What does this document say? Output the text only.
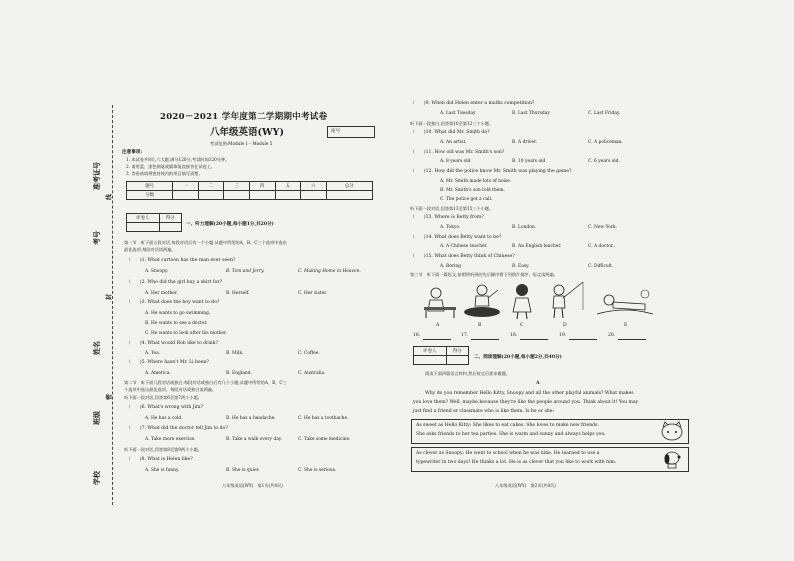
准考证号
考号
姓名
班级
学校
线
封
密
2020－2021 学年度第二学期期中考试卷
八年级英语(WY)	座号
考试范围:Module 1－Module 5
注意事项:
1. 本试卷共8页,六大题,满分120分,考试时间120分钟。
2. 请用蓝、黑色钢笔或圆珠笔直接答在试卷上。
3. 答卷前请将密封线内的项目填写清楚。
题号	一	二	三	四	五	六	总分
分数							
评卷人	得分

一、听力理解(20小题,每小题1分,共20分)
第一节　听下面五段对话,每段对话后有一个小题,从题中所给的A、B、C三个选项中选出
最佳选项,每段对话读两遍。
（　　)1. What cartoon has the man ever seen?
A. Snoopy.	B. Tom and Jerry.	C. Making Home in Heaven.
（　　)2. Who did the girl buy a skirt for?
A. Her mother.	B. Herself.	C. Her sister.
（　　)3. What does the boy want to do?
A. He wants to go swimming.
B. He wants to see a doctor.
C. He wants to look after his mother.
（　　)4. What would Bob like to drink?
A. Tea.	B. Milk.	C. Coffee.
（　　)5. Where hasn't Mr. Li been?
A. America.	B. England.	C. Australia.
第二节　听下面几段对话或独白,每段对话或独白后有几个小题,从题中所给的A、B、C三
个选项中选出最佳选项。每段对话或独白读两遍。
听下面一段对话,回答第6至第7两个小题。
（　　)6. What's wrong with Jim?
A. He has a cold.	B. He has a headache.	C. He has a toothache.
（　　)7. What did the doctor tell Jim to do?
A. Take more exercise.	B. Take a walk every day.	C. Take some medicine.
听下面一段对话,回答第8至第9两个小题。
（　　)8. What is Helen like?
A. She is funny.	B. She is quiet.	C. She is serious.
八年级英语(WY)　第1页(共8页)
（　　)9. When did Helen enter a maths competition?
A. Last Tuesday	B. Last Thursday	C. Last Friday.
听下面一段独白,回答第10至第12三个小题。
（　　)10. What did Mr. Smith do?
A. An artist.	B. A driver.	C. A policeman.
（　　)11. How old was Mr. Smith's son?
A. 8 years old	B. 10 years old	C. 6 years old.
（　　)12. How did the police know Mr. Smith was playing the game?
A. Mr. Smith made lots of noise.
B. Mr. Smith's son told them.
C. The police got a call.
听下面一段对话,回答第13至第15三个小题。
（　　)13. Where is Betty from?
A. Tokyo.	B. London.	C. New York.
（　　)14. What does Betty want to be?
A. A Chinese teacher.	B. An English teacher.	C. A doctor.
（　　)15. What does Betty think of Chinese?
A. Boring	B. Easy.	C. Difficult.
第三节　听下面一篇短文,按照所听到的先后顺序将下列图片排序。短文读两遍。
A	B	C	D	E
16.	17.	18.	19.	20.
评卷人	得分

二、阅读理解(20小题,每小题2分,共40分)
阅读下面四篇语言材料,然后按文后要求做题。
A
Why do you remember Hello Kitty, Snoopy and all the other playful animals? What makes
you love them? Well, maybe because they're like the people around you. Think about it! You may
just find a friend or classmate who is like them. Is he or she:
As sweet as Hello Kitty: She likes to eat cakes. She loves to make new friends.
She asks friends to her tea parties. She is warm and sunny and always helps you.
As clever as Snoopy: He went to school when he was nine. He learned to use a
typewriter in two days! He thinks a lot. He is as clever that you like to work with him.
八年级英语(WY)　第2页(共8页)
